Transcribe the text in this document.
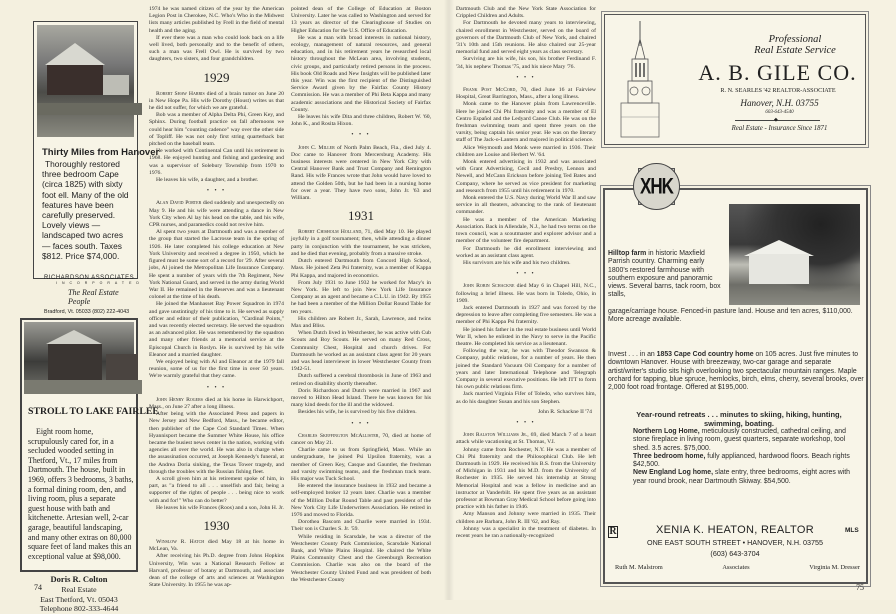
Thirty Miles from Hanover
Thoroughly restored three bedroom Cape (circa 1825) with sixty foot ell. Many of the old features have been carefully preserved. Lovely views — landscaped two acres — faces south. Taxes $812. Price $74,000.
RICHARDSON ASSOCIATES
INCORPORATED
The Real Estate People
Bradford, Vt. 05033 (802) 222-4043
STROLL TO LAKE FAIRLEE
Eight room home, scrupulously cared for, in a secluded wooded setting in Thetford, Vt., 17 miles from Dartmouth. The house, built in 1969, offers 3 bedrooms, 3 baths, a formal dining room, den, and living room, plus a separate guest house with bath and kitchenette. Artesian well, 2-car garage, beautiful landscaping, and many other extras on 80,000 square feet of land makes this an exceptional value at $98,000.
Doris R. Colton
Real Estate
East Thetford, Vt. 05043
Telephone 802-333-4644

1974 he was named citizen of the year by the American Legion Post in Cherokee, N.C. Who's Who in the Midwest lists many articles published by Frell in the field of mental health and the aging.

If ever there was a man who could look back on a life well lived, both personally and to the benefit of others, such a man was Frell Owl. He is survived by two daughters, two sisters, and four grandchildren.

1929

Robert Shaw Harris died of a brain tumor on June 20 in New Hope Pa. His wife Dorothy (Houst) writes us that he did not suffer, for which we are grateful.

Bob was a member of Alpha Delta Phi, Green Key, and Sphinx. During football practice on fall afternoons we could hear him "counting cadence" way over the other side of Topliff. He was not only first string quarterback but pitched on the baseball team.

He worked with Continental Can until his retirement in 1968. He enjoyed hunting and fishing and gardening and was a supervisor of Solebury Township from 1970 to 1976.

He leaves his wife, a daughter, and a brother.

• • •

Alan David Porter died suddenly and unexpectedly on May 9. He and his wife were attending a dance in New York City when Al lay his head on the table, and his wife, CPR nurses, and paramedics could not revive him.

Al spent two years at Dartmouth and was a member of the group that started the Lacrosse team in the spring of 1926. He later completed his college education at New York University and received a degree in 1950, which he figured must be some sort of a record for '29. After several jobs, Al joined the Metropolitan Life Insurance Company. He spent a number of years with the 7th Regiment, New York National Guard, and served in the army during World War II. He remained in the Reserves and was a lieutenant colonel at the time of his death.

He joined the Manhasset Bay Power Squadron in 1974 and gave unstintingly of his time to it. He served as supply officer and editor of their publication, "Cardinal Points," and was recently elected secretary. He served the squadron as an advanced pilot. He was remembered by the squadron and many other friends at a memorial service at the Episcopal Church in Roslyn. He is survived by his wife Eleanor and a married daughter.

We enjoyed being with Al and Eleanor at the 1979 fall reunion, some of us for the first time in over 50 years. We're warmly grateful that they came.

• • •

John Henry Rogers died at his home in Harwichport, Mass., on June 27 after a long illness.

After being with the Associated Press and papers in New Jersey and New Bedford, Mass., he became editor, then publisher of the Cape Cod Standard Times. When Hyannisport became the Summer White House, his office became the busiest news center in the nation, working with agencies all over the world. He was also in charge when the assassination occurred, at Joseph Kennedy's funeral, at the Andrea Doria sinking, the Texas Tower tragedy, and through the troubles with the Russian fishing fleet.

A scroll given him at his retirement spoke of him, in part, as "a friend to all . . . unselfish and fair, being a supporter of the rights of people . . . being nice to work with and for!" Who can do better?

He leaves his wife Frances (Roos) and a son, John H. Jr.

1930

Winslow R. Hatch died May 18 at his home in McLean, Va.

After receiving his Ph.D. degree from Johns Hopkins University, Win was a National Research Fellow at Harvard, professor of botany at Dartmouth, and associate dean of the college of arts and sciences at Washington State University. In 1955 he was ap-

pointed dean of the College of Education at Boston University. Later he was called to Washington and served for 13 years as director of the Clearinghouse of Studies on Higher Education for the U.S. Office of Education.

He was a man with broad interests in national history, ecology, management of natural resources, and general education, and in his retirement years he researched local history throughout the McLean area, involving students, civic groups, and particularly retired persons in the process. His book Old Roads and New Insights will be published later this year. Win was the first recipient of the Distinguished Service Award given by the Fairfax County History Commission. He was a member of Phi Beta Kappa and many academic associations and the Historical Society of Fairfax County.

He leaves his wife Dita and three children, Robert W. '60, John K., and Rosita Hixon.

• • •

John C. Miller of North Palm Beach, Fla., died July 4. Doc came to Hanover from Mercersburg Academy. His business interests were centered in New York City with Central Hanover Bank and Trust Company and Remington Rand. His wife Frances wrote that John would have loved to attend the Golden 50th, but he had been in a nursing home for over a year. They have two sons, John Jr. '63 and William.

1931

Robert Chisholm Holland, 71, died May 10. He played joyfully in a golf tournament; then, while attending a dinner party in conjunction with the tournament, he was stricken, and he died that evening, probably from a massive stroke.

Dutch entered Dartmouth from Concord High School, Mass. He joined Zeta Psi fraternity, was a member of Kappa Phi Kappa, and majored in economics.

From July 1931 to June 1932 he worked for Macy's in New York. He left to join New York Life Insurance Company as an agent and became a C.L.U. in 1942. By 1955 he had been a member of the Million Dollar Round Table for ten years.

His children are Robert Jr., Sarah, Lawrence, and twins Max and Bliss.

When Dutch lived in Westchester, he was active with Cub Scouts and Boy Scouts. He served on many Red Cross, Community Chest, Hospital and church drives. For Dartmouth he worked as an assistant class agent for 20 years and was head interviewer in lower Westchester County from 1942-51.

Dutch suffered a cerebral thrombosis in June of 1963 and retired on disability shortly thereafter.

Doris Richardson and Dutch were married in 1967 and moved to Hilton Head Island. There he was known for his many kind deeds for the ill and the widowed.

Besides his wife, he is survived by his five children.

• • •

Charles Skeffington McAllister, 70, died at home of cancer on May 21.

Charlie came to us from Springfield, Mass. While an undergraduate, he joined Psi Upsilon fraternity, was a member of Green Key, Casque and Gauntlet, the freshman and varsity swimming teams, and the freshman track team. His major was Tuck School.

He entered the insurance business in 1932 and became a self-employed broker 12 years later. Charlie was a member of the Million Dollar Round Table and past president of the New York City Life Underwriters Association. He retired in 1976 and moved to Florida.

Dorothea Bascom and Charlie were married in 1934. Their son is Charles S. Jr. '59.

While residing in Scarsdale, he was a director of the Westchester County Park Commission, Scarsdale National Bank, and White Plains Hospital. He chaired the White Plains Community Chest and the Greenburgh Recreation Commission. Charlie was also on the board of the Westchester County United Fund and was president of both the Westchester County

Dartmouth Club and the New York State Association for Crippled Children and Adults.

For Dartmouth he devoted many years to interviewing, chaired enrollment in Westchester, served on the board of governors of the Dartmouth Club of New York, and chaired '31's 10th and 15th reunions. He also chaired our 25-year memorial fund and served eight years as class secretary.

Surviving are his wife, his son, his brother Ferdinand F. '34, his nephew Thomas '75, and his niece Mary '76.

• • •

Frank Post McCord, 70, died June 16 at Fairview Hospital, Great Barrington, Mass., after a long illness.

Monk came to the Hanover plain from Lawrenceville. Here he joined Chi Phi fraternity and was a member of El Centro Español and the Ledyard Canoe Club. He was on the freshman swimming team and spent three years on the varsity, being captain his senior year. He was on the literary staff of The Jack-o-Lantern and majored in political science.

Alice Weymouth and Monk were married in 1936. Their children are Louise and Herbert W. '64.

Monk entered advertising in 1932 and was associated with Grant Advertising, Cecil and Presbry, Lennon and Newell, and McCann Erickson before joining Ted Bates and Company, where he served as vice president for marketing and research from 1955 until his retirement in 1970.

Monk entered the U.S. Navy during World War II and saw service in all theaters, advancing to the rank of lieutenant commander.

He was a member of the American Marketing Association. Back in Allendale, N.J., he had two terms on the town council, was a scoutmaster and explorer advisor and a member of the volunteer fire department.

For Dartmouth he did enrollment interviewing and worked as an assistant class agent.

His survivors are his wife and his two children.

• • •

John Robin Schackne died May 6 in Chapel Hill, N.C., following a brief illness. He was born in Toledo, Ohio, in 1909.

Jack entered Dartmouth in 1927 and was forced by the depression to leave after completing five semesters. He was a member of Phi Kappa Psi fraternity.

He joined his father in the real estate business until World War II, when he enlisted in the Navy to serve in the Pacific theatre. He completed his service as a lieutenant.

Following the war, he was with Theodor Swanson & Company, public relations, for a number of years. He then joined the Standard Vacuum Oil Company for a number of years and later International Telephone and Telegraph Company in several executive positions. He left ITT to form his own public relations firm.

Jack married Virginia Fifer of Toledo, who survives him, as do his daughter Susan and his son Stephen.

John R. Schackne II '74
• • •

John Ralston Williams Jr., 69, died March 7 of a heart attack while vacationing at St. Thomas, V.I.

Johnny came from Rochester, N.Y. He was a member of Chi Phi fraternity and the Philosophical Club. He left Dartmouth in 1929. He received his B.S. from the University of Michigan in 1931 and his M.D. from the University of Rochester in 1935. He served his internship at Strong Memorial Hospital and was a fellow in medicine and an instructor at Vanderbilt. He spent five years as an assistant professor at Bowman Gray Medical School before going into practice with his father in 1946.

Amy Manson and Johnny were married in 1935. Their children are Barbara, John R. III '62, and Ray.

Johnny was a specialist in the treatment of diabetes. In recent years he ran a nationally-recognized

Professional
Real Estate Service
A. B. GILE CO.
R. N. SEARLES '42 REALTOR-ASSOCIATE
Hanover, N.H. 03755
603-643-4540
◆
Real Estate - Insurance Since 1871
XHK
Hilltop farm in historic Maxfield Parrish country. Charming early 1800's restored farmhouse with southern exposure and panoramic views. Several barns, tack room, box stalls,
garage/carriage house. Fenced-in pasture land. House and ten acres, $110,000. More acreage available.
Invest . . . in an 1853 Cape Cod country home on 105 acres. Just five minutes to downtown Hanover. House with breezeway, two-car garage and separate artist/writer's studio sits high overlooking two spectacular mountain ranges. Maple orchard for tapping, blue spruce, hemlocks, birch, elms, cherry, several brooks, over 2,000 foot road frontage. Offered at $195,000.
Year-round retreats . . . minutes to skiing, hiking, hunting, swimming, boating.
Northern Log Home, meticulously constructed, cathedral ceiling, and stone fireplace in living room, guest quarters, separate workshop, tool shed. 3.5 acres. $75,000.
Three bedroom home, fully applianced, hardwood floors. Beach rights $42,500.
New England Log home, slate entry, three bedrooms, eight acres with year round brook, near Dartmouth Skiway. $54,500.
R	XENIA K. HEATON, REALTOR	MLS
ONE EAST SOUTH STREET • HANOVER, N.H. 03755
(603) 643-3704
Ruth M. Malstrom	Associates	Virginia M. Dresser
74	75
